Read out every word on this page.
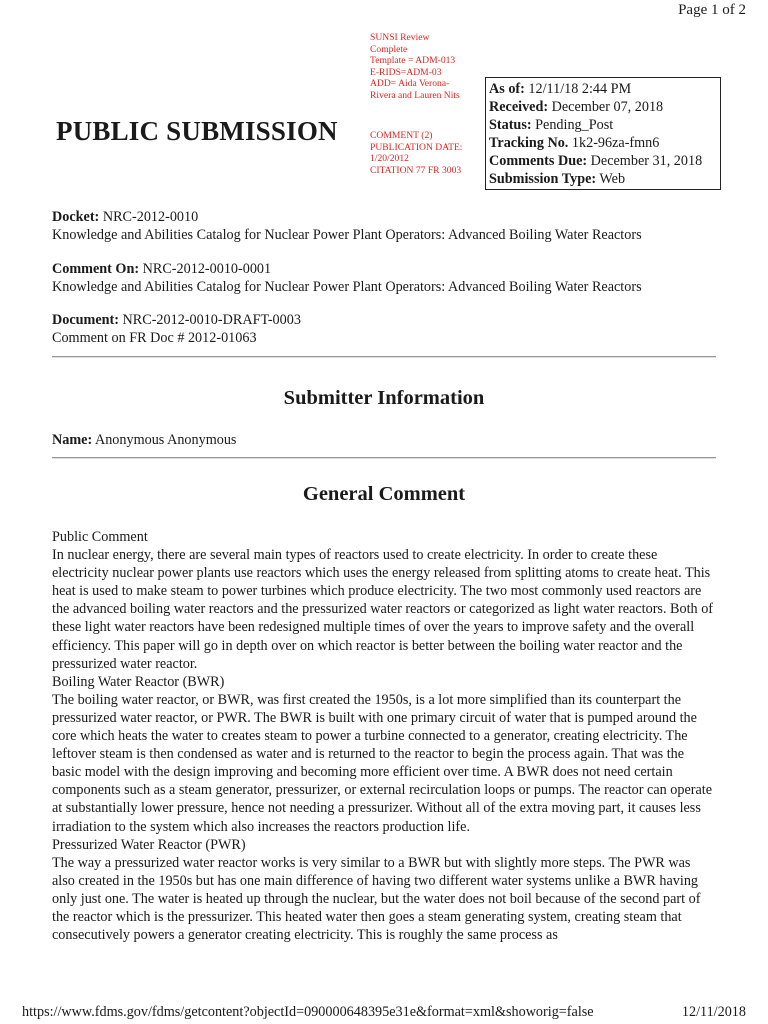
Page 1 of 2
SUNSI Review
Complete
Template = ADM-013
E-RIDS=ADM-03
ADD= Aida Verona-
Rivera and Lauren Nits
PUBLIC SUBMISSION	COMMENT (2)
PUBLICATION DATE:
1/20/2012
CITATION 77 FR 3003
As of: 12/11/18 2:44 PM
Received: December 07, 2018
Status: Pending_Post
Tracking No. 1k2-96za-fmn6
Comments Due: December 31, 2018
Submission Type: Web
Docket: NRC-2012-0010
Knowledge and Abilities Catalog for Nuclear Power Plant Operators: Advanced Boiling Water Reactors
Comment On: NRC-2012-0010-0001
Knowledge and Abilities Catalog for Nuclear Power Plant Operators: Advanced Boiling Water Reactors
Document: NRC-2012-0010-DRAFT-0003
Comment on FR Doc # 2012-01063
Submitter Information
Name: Anonymous Anonymous
General Comment

Public Comment

In nuclear energy, there are several main types of reactors used to create electricity. In order to create these electricity nuclear power plants use reactors which uses the energy released from splitting atoms to create heat. This heat is used to make steam to power turbines which produce electricity. The two most commonly used reactors are the advanced boiling water reactors and the pressurized water reactors or categorized as light water reactors. Both of these light water reactors have been redesigned multiple times of over the years to improve safety and the overall efficiency. This paper will go in depth over on which reactor is better between the boiling water reactor and the pressurized water reactor.

Boiling Water Reactor (BWR)

The boiling water reactor, or BWR, was first created the 1950s, is a lot more simplified than its counterpart the pressurized water reactor, or PWR. The BWR is built with one primary circuit of water that is pumped around the core which heats the water to creates steam to power a turbine connected to a generator, creating electricity. The leftover steam is then condensed as water and is returned to the reactor to begin the process again. That was the basic model with the design improving and becoming more efficient over time. A BWR does not need certain components such as a steam generator, pressurizer, or external recirculation loops or pumps. The reactor can operate at substantially lower pressure, hence not needing a pressurizer. Without all of the extra moving part, it causes less irradiation to the system which also increases the reactors production life.

Pressurized Water Reactor (PWR)

The way a pressurized water reactor works is very similar to a BWR but with slightly more steps. The PWR was also created in the 1950s but has one main difference of having two different water systems unlike a BWR having only just one. The water is heated up through the nuclear, but the water does not boil because of the second part of the reactor which is the pressurizer. This heated water then goes a steam generating system, creating steam that consecutively powers a generator creating electricity. This is roughly the same process as

https://www.fdms.gov/fdms/getcontent?objectId=090000648395e31e&format=xml&showorig=false	12/11/2018
